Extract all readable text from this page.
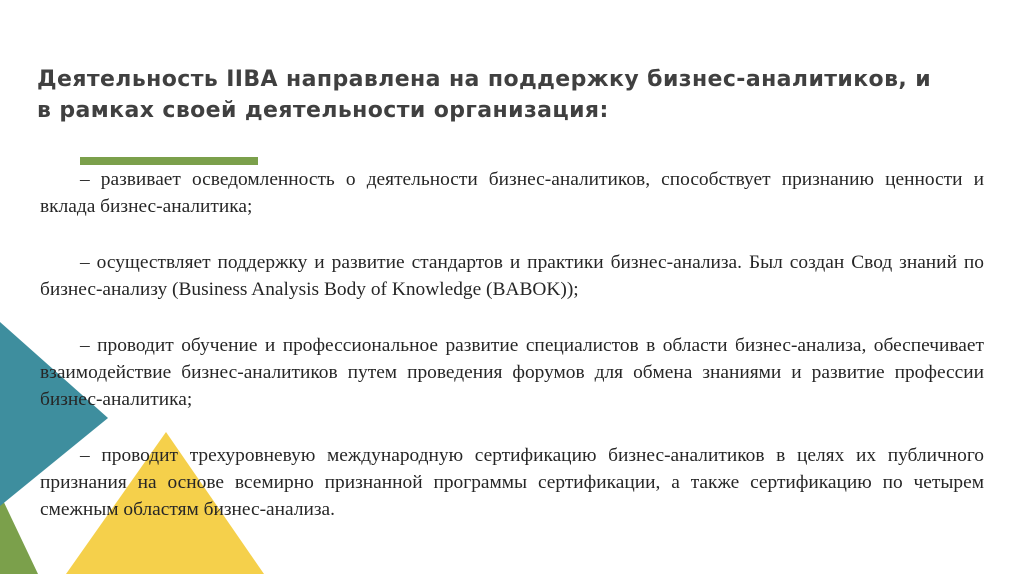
Деятельность IIBA направлена на поддержку бизнес-аналитиков, и в рамках своей деятельности организация:

– развивает осведомленность о деятельности бизнес-аналитиков, способствует признанию ценности и вклада бизнес-аналитика;

– осуществляет поддержку и развитие стандартов и практики бизнес-анализа. Был создан Свод знаний по бизнес-анализу (Business Analysis Body of Knowledge (BABOK));

– проводит обучение и профессиональное развитие специалистов в области бизнес-анализа, обеспечивает взаимодействие бизнес-аналитиков путем проведения форумов для обмена знаниями и развитие профессии бизнес-аналитика;

– проводит трехуровневую международную сертификацию бизнес-аналитиков в целях их публичного признания на основе всемирно признанной программы сертификации, а также сертификацию по четырем смежным областям бизнес-анализа.
